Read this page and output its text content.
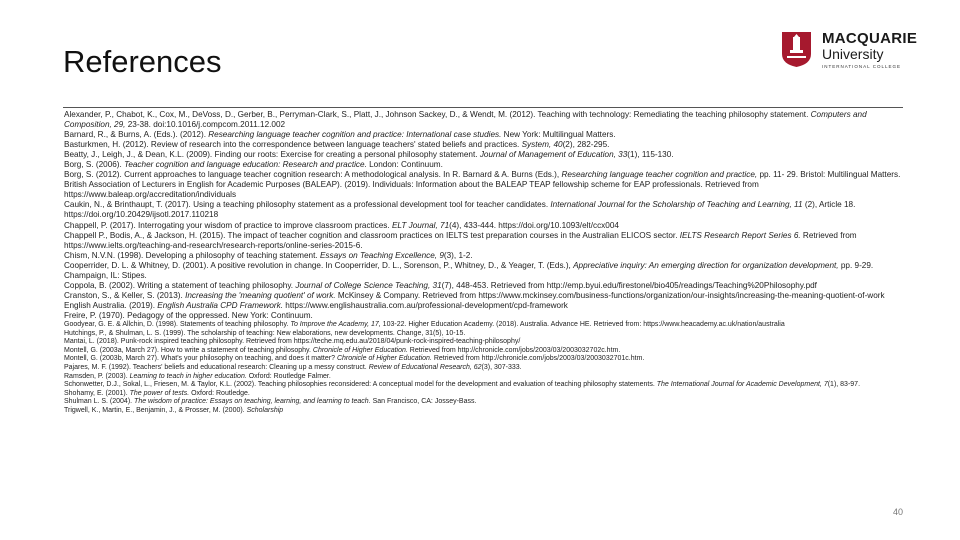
References
MACQUARIE
University
INTERNATIONAL COLLEGE
Alexander, P., Chabot, K., Cox, M., DeVoss, D., Gerber, B., Perryman-Clark, S., Platt, J., Johnson Sackey, D., & Wendt, M. (2012). Teaching with technology: Remediating the teaching philosophy statement. Computers and Composition, 29, 23-38. doi:10.1016/j.compcom.2011.12.002
Barnard, R., & Burns, A. (Eds.). (2012). Researching language teacher cognition and practice: International case studies. New York: Multilingual Matters.
Basturkmen, H. (2012). Review of research into the correspondence between language teachers' stated beliefs and practices. System, 40(2), 282-295.
Beatty, J., Leigh, J., & Dean, K.L. (2009). Finding our roots: Exercise for creating a personal philosophy statement. Journal of Management of Education, 33(1), 115-130.
Borg, S. (2006). Teacher cognition and language education: Research and practice. London: Continuum.
Borg, S. (2012). Current approaches to language teacher cognition research: A methodological analysis. In R. Barnard & A. Burns (Eds.), Researching language teacher cognition and practice, pp. 11- 29. Bristol: Multilingual Matters.
British Association of Lecturers in English for Academic Purposes (BALEAP). (2019). Individuals: Information about the BALEAP TEAP fellowship scheme for EAP professionals. Retrieved from https://www.baleap.org/accreditation/individuals
Caukin, N., & Brinthaupt, T. (2017). Using a teaching philosophy statement as a professional development tool for teacher candidates. International Journal for the Scholarship of Teaching and Learning, 11 (2), Article 18. https://doi.org/10.20429/ijsotl.2017.110218
Chappell, P. (2017). Interrogating your wisdom of practice to improve classroom practices. ELT Journal, 71(4), 433-444. https://doi.org/10.1093/elt/ccx004
Chappell P., Bodis, A., & Jackson, H. (2015). The impact of teacher cognition and classroom practices on IELTS test preparation courses in the Australian ELICOS sector. IELTS Research Report Series 6. Retrieved from https://www.ielts.org/teaching-and-research/research-reports/online-series-2015-6.
Chism, N.V.N. (1998). Developing a philosophy of teaching statement. Essays on Teaching Excellence, 9(3), 1-2.
Cooperrider, D. L. & Whitney, D. (2001). A positive revolution in change. In Cooperrider, D. L., Sorenson, P., Whitney, D., & Yeager, T. (Eds.), Appreciative inquiry: An emerging direction for organization development, pp. 9-29. Champaign, IL: Stipes.
Coppola, B. (2002). Writing a statement of teaching philosophy. Journal of College Science Teaching, 31(7), 448-453. Retrieved from http://emp.byui.edu/firestonel/bio405/readings/Teaching%20Philosophy.pdf
Cranston, S., & Keller, S. (2013). Increasing the 'meaning quotient' of work. McKinsey & Company. Retrieved from https://www.mckinsey.com/business-functions/organization/our-insights/increasing-the-meaning-quotient-of-work
English Australia. (2019). English Australia CPD Framework. https://www.englishaustralia.com.au/professional-development/cpd-framework
Freire, P. (1970). Pedagogy of the oppressed. New York: Continuum.
Goodyear, G. E. & Allchin, D. (1998). Statements of teaching philosophy. To Improve the Academy, 17, 103-22. Higher Education Academy. (2018). Australia. Advance HE. Retrieved from: https://www.heacademy.ac.uk/nation/australia
Hutchings, P., & Shulman, L. S. (1999). The scholarship of teaching: New elaborations, new developments. Change, 31(5), 10-15.
Mantai, L. (2018). Punk-rock inspired teaching philosophy. Retrieved from https://teche.mq.edu.au/2018/04/punk-rock-inspired-teaching-philosophy/
Montell, G. (2003a, March 27). How to write a statement of teaching philosophy. Chronicle of Higher Education. Retrieved from http://chronicle.com/jobs/2003/03/2003032702c.htm.
Montell, G. (2003b, March 27). What's your philosophy on teaching, and does it matter? Chronicle of Higher Education. Retrieved from http://chronicle.com/jobs/2003/03/2003032701c.htm.
Pajares, M. F. (1992). Teachers' beliefs and educational research: Cleaning up a messy construct. Review of Educational Research, 62(3), 307-333.
Ramsden, P. (2003). Learning to teach in higher education. Oxford: Routledge Falmer.
Schonwetter, D.J., Sokal, L., Friesen, M. & Taylor, K.L. (2002). Teaching philosophies reconsidered: A conceptual model for the development and evaluation of teaching philosophy statements. The International Journal for Academic Development, 7(1), 83-97.
Shohamy, E. (2001). The power of tests. Oxford: Routledge.
Shulman L. S. (2004). The wisdom of practice: Essays on teaching, learning, and learning to teach. San Francisco, CA: Jossey-Bass.
Trigwell, K., Martin, E., Benjamin, J., & Prosser, M. (2000). Scholarship
40
